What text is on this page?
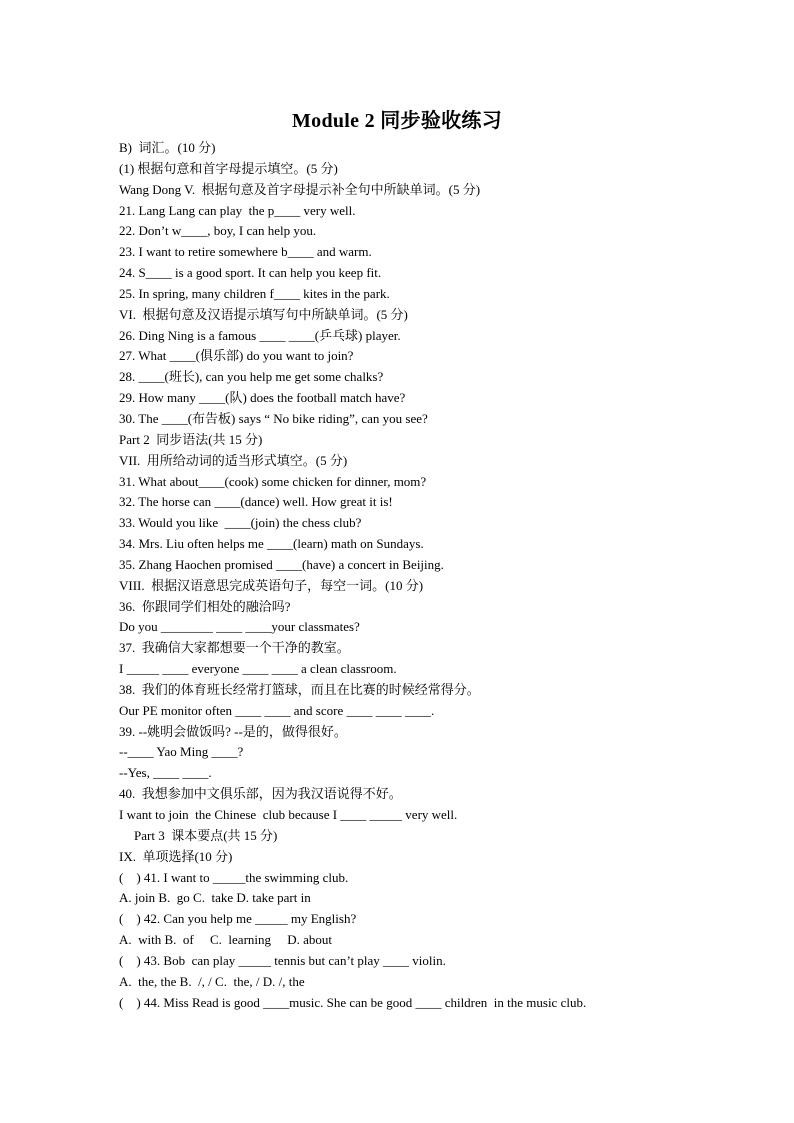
Module 2 同步验收练习
B)  词汇。(10 分)
(1) 根据句意和首字母提示填空。(5 分)
Wang Dong V.  根据句意及首字母提示补全句中所缺单词。(5 分)
21. Lang Lang can play  the p____ very well.
22. Don’t w____, boy, I can help you.
23. I want to retire somewhere b____ and warm.
24. S____ is a good sport. It can help you keep fit.
25. In spring, many children f____ kites in the park.
VI.  根据句意及汉语提示填写句中所缺单词。(5 分)
26. Ding Ning is a famous ____ ____(乒乓球) player.
27. What ____(俱乐部) do you want to join?
28. ____(班长), can you help me get some chalks?
29. How many ____(队) does the football match have?
30. The ____(布告板) says “ No bike riding”, can you see?
Part 2  同步语法(共 15 分)
VII.  用所给动词的适当形式填空。(5 分)
31. What about____(cook) some chicken for dinner, mom?
32. The horse can ____(dance) well. How great it is!
33. Would you like  ____(join) the chess club?
34. Mrs. Liu often helps me ____(learn) math on Sundays.
35. Zhang Haochen promised ____(have) a concert in Beijing.
VIII.  根据汉语意思完成英语句子，每空一词。(10 分)
36.  你跟同学们相处的融洽吗?
Do you ________ ____ ____your classmates?
37.  我确信大家都想要一个干净的教室。
I _____ ____ everyone ____ ____ a clean classroom.
38.  我们的体育班长经常打篮球，而且在比赛的时候经常得分。
Our PE monitor often ____ ____ and score ____ ____ ____.
39. --姚明会做饭吗? --是的，做得很好。
--____ Yao Ming ____?
--Yes, ____ ____.
40.  我想参加中文俱乐部，因为我汉语说得不好。
I want to join  the Chinese  club because I ____ _____ very well.
Part 3  课本要点(共 15 分)
IX.  单项选择(10 分)
(    ) 41. I want to _____the swimming club.
A. join B.  go C.  take D. take part in
(    ) 42. Can you help me _____ my English?
A.  with B.  of     C.  learning     D. about
(    ) 43. Bob  can play _____ tennis but can’t play ____ violin.
A.  the, the B.  /, / C.  the, / D. /, the
(    ) 44. Miss Read is good ____music. She can be good ____ children  in the music club.
